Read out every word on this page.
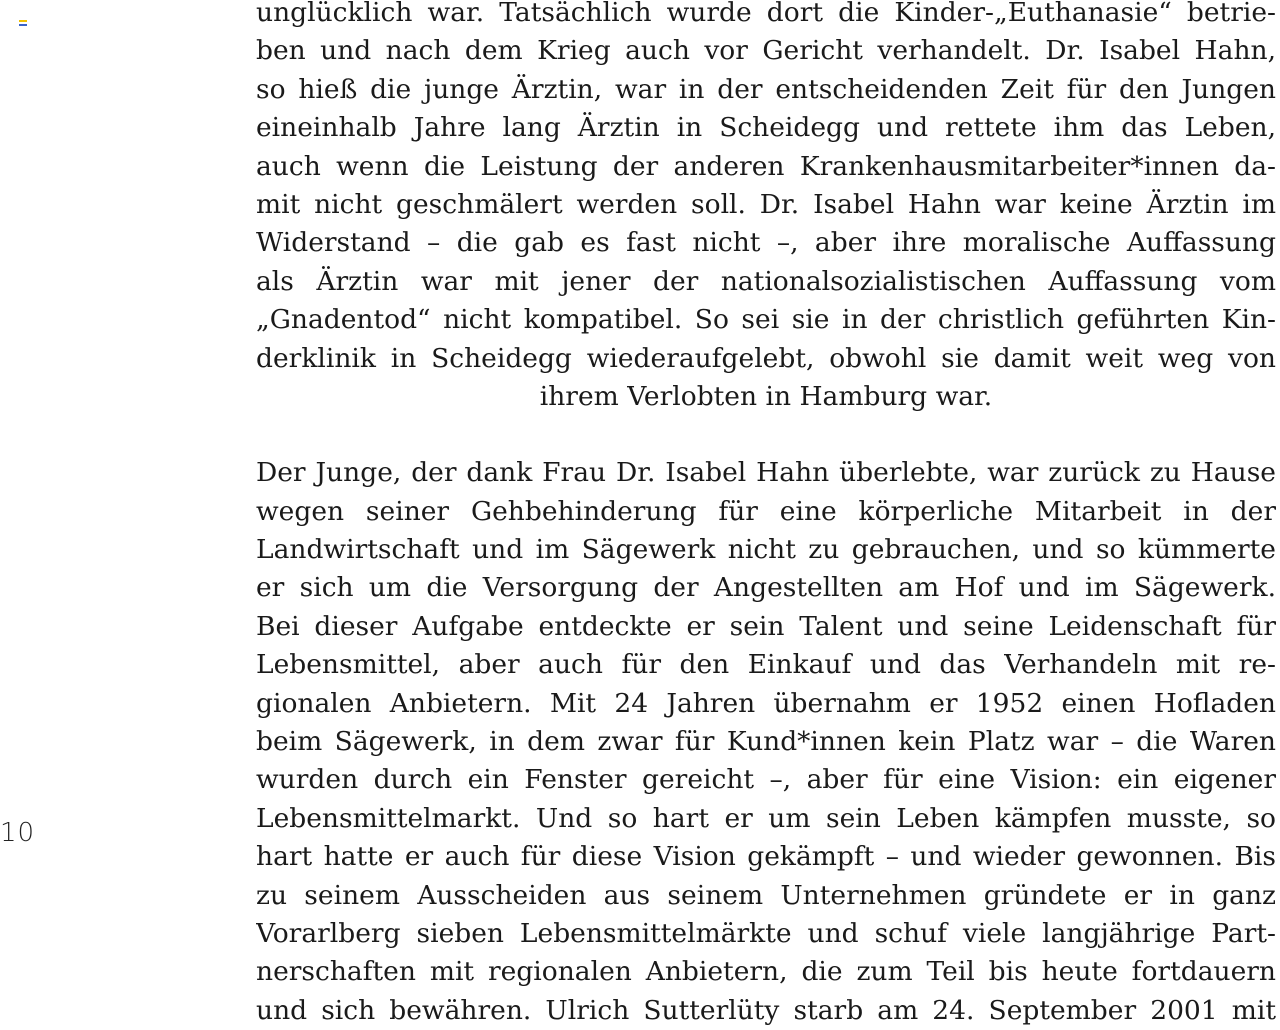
10
unglücklich war. Tatsächlich wurde dort die Kinder-„Euthanasie“ betrie-
ben und nach dem Krieg auch vor Gericht verhandelt. Dr. Isabel Hahn,
so hieß die junge Ärztin, war in der entscheidenden Zeit für den Jungen
eineinhalb Jahre lang Ärztin in Scheidegg und rettete ihm das Leben,
auch wenn die Leistung der anderen Krankenhausmitarbeiter*innen da-
mit nicht geschmälert werden soll. Dr. Isabel Hahn war keine Ärztin im
Widerstand – die gab es fast nicht –, aber ihre moralische Auffassung
als Ärztin war mit jener der nationalsozialistischen Auffassung vom
„Gnadentod“ nicht kompatibel. So sei sie in der christlich geführten Kin-
derklinik in Scheidegg wiederaufgelebt, obwohl sie damit weit weg von
ihrem Verlobten in Hamburg war.
Der Junge, der dank Frau Dr. Isabel Hahn überlebte, war zurück zu Hause
wegen seiner Gehbehinderung für eine körperliche Mitarbeit in der
Landwirtschaft und im Sägewerk nicht zu gebrauchen, und so kümmerte
er sich um die Versorgung der Angestellten am Hof und im Sägewerk.
Bei dieser Aufgabe entdeckte er sein Talent und seine Leidenschaft für
Lebensmittel, aber auch für den Einkauf und das Verhandeln mit re-
gionalen Anbietern. Mit 24 Jahren übernahm er 1952 einen Hofladen
beim Sägewerk, in dem zwar für Kund*innen kein Platz war – die Waren
wurden durch ein Fenster gereicht –, aber für eine Vision: ein eigener
Lebensmittelmarkt. Und so hart er um sein Leben kämpfen musste, so
hart hatte er auch für diese Vision gekämpft – und wieder gewonnen. Bis
zu seinem Ausscheiden aus seinem Unternehmen gründete er in ganz
Vorarlberg sieben Lebensmittelmärkte und schuf viele langjährige Part-
nerschaften mit regionalen Anbietern, die zum Teil bis heute fortdauern
und sich bewähren. Ulrich Sutterlüty starb am 24. September 2001 mit
